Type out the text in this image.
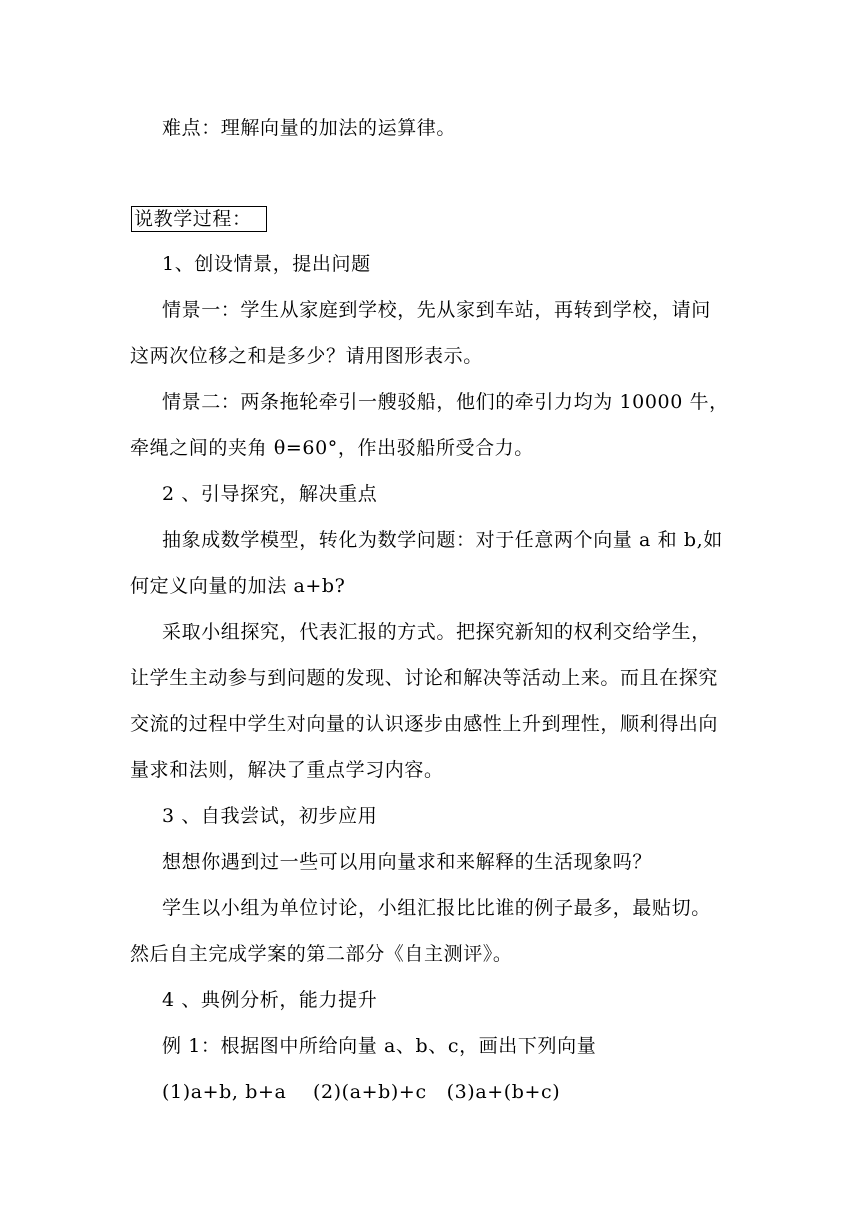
难点：理解向量的加法的运算律。
说教学过程：
1、创设情景，提出问题
情景一：学生从家庭到学校，先从家到车站，再转到学校，请问
这两次位移之和是多少？请用图形表示。
情景二：两条拖轮牵引一艘驳船，他们的牵引力均为 10000 牛，
牵绳之间的夹角 θ=60°，作出驳船所受合力。
2 、引导探究，解决重点
抽象成数学模型，转化为数学问题：对于任意两个向量 a 和 b,如
何定义向量的加法 a+b?
采取小组探究，代表汇报的方式。把探究新知的权利交给学生，
让学生主动参与到问题的发现、讨论和解决等活动上来。而且在探究
交流的过程中学生对向量的认识逐步由感性上升到理性，顺利得出向
量求和法则，解决了重点学习内容。
3 、自我尝试，初步应用
想想你遇到过一些可以用向量求和来解释的生活现象吗？
学生以小组为单位讨论，小组汇报比比谁的例子最多，最贴切。
然后自主完成学案的第二部分《自主测评》。
4 、典例分析，能力提升
例 1：根据图中所给向量 a、b、c，画出下列向量
(1)a+b, b+a    (2)(a+b)+c   (3)a+(b+c)
